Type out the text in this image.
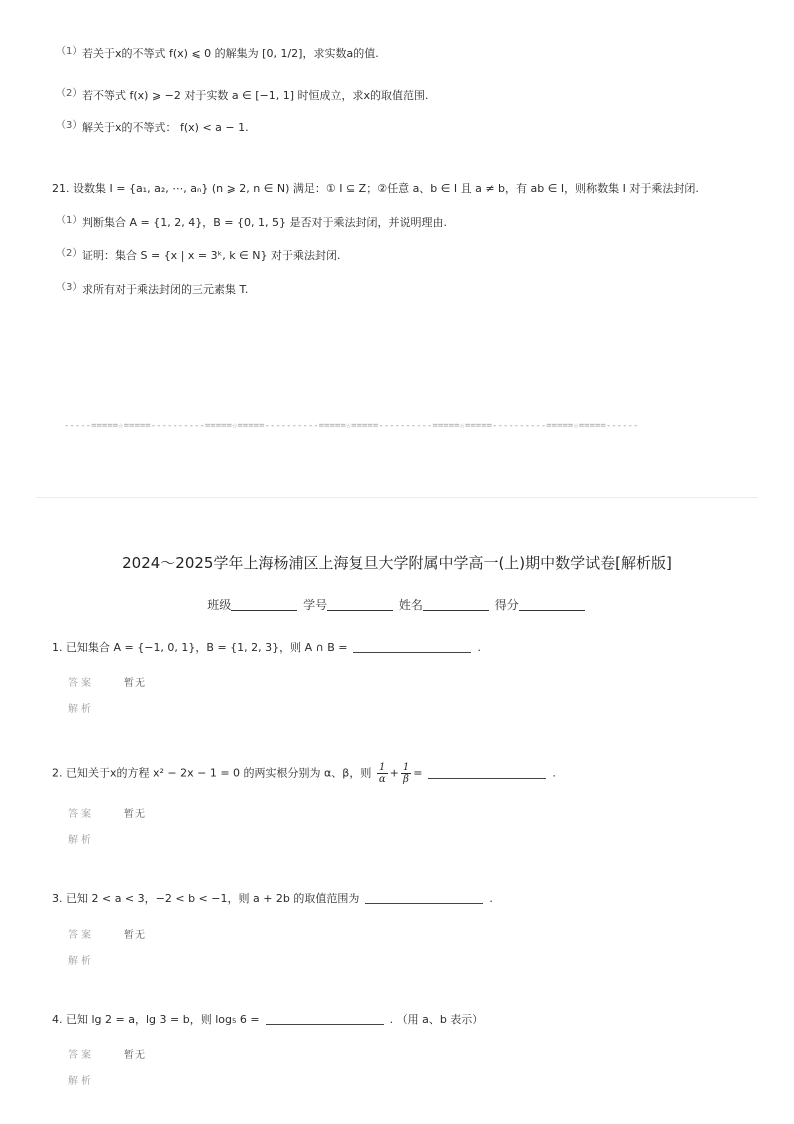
（1）若关于x的不等式 f(x) ⩽ 0 的解集为 [0, 1/2]，求实数a的值.
（2）若不等式 f(x) ⩾ −2 对于实数 a ∈ [−1, 1] 时恒成立，求x的取值范围.
（3）解关于x的不等式： f(x) < a − 1.
21. 设数集 I = {a₁, a₂, ⋯, aₙ} (n ⩾ 2, n ∈ N) 满足：① I ⊆ Z；②任意 a、b ∈ I 且 a ≠ b，有 ab ∈ I，则称数集 I 对于乘法封闭.
（1）判断集合 A = {1, 2, 4}，B = {0, 1, 5} 是否对于乘法封闭，并说明理由.
（2）证明：集合 S = {x | x = 3ᵏ, k ∈ N} 对于乘法封闭.
（3）求所有对于乘法封闭的三元素集 T.
-----=====☆=====----------=====☆=====----------=====☆=====----------=====☆=====----------=====☆=====------
2024～2025学年上海杨浦区上海复旦大学附属中学高一(上)期中数学试卷[解析版]
班级	学号	姓名	得分
1. 已知集合 A = {−1, 0, 1}，B = {1, 2, 3}，则 A ∩ B =	.
答案	暂无
解析
2. 已知关于x的方程 x² − 2x − 1 = 0 的两实根分别为 α、β，则 $\frac{1}{\alpha} + \frac{1}{\beta}$ =	.
答案	暂无
解析
3. 已知 2 < a < 3，−2 < b < −1，则 a + 2b 的取值范围为	.
答案	暂无
解析
4. 已知 lg 2 = a，lg 3 = b，则 log₅ 6 =	. （用 a、b 表示）
答案	暂无
解析
